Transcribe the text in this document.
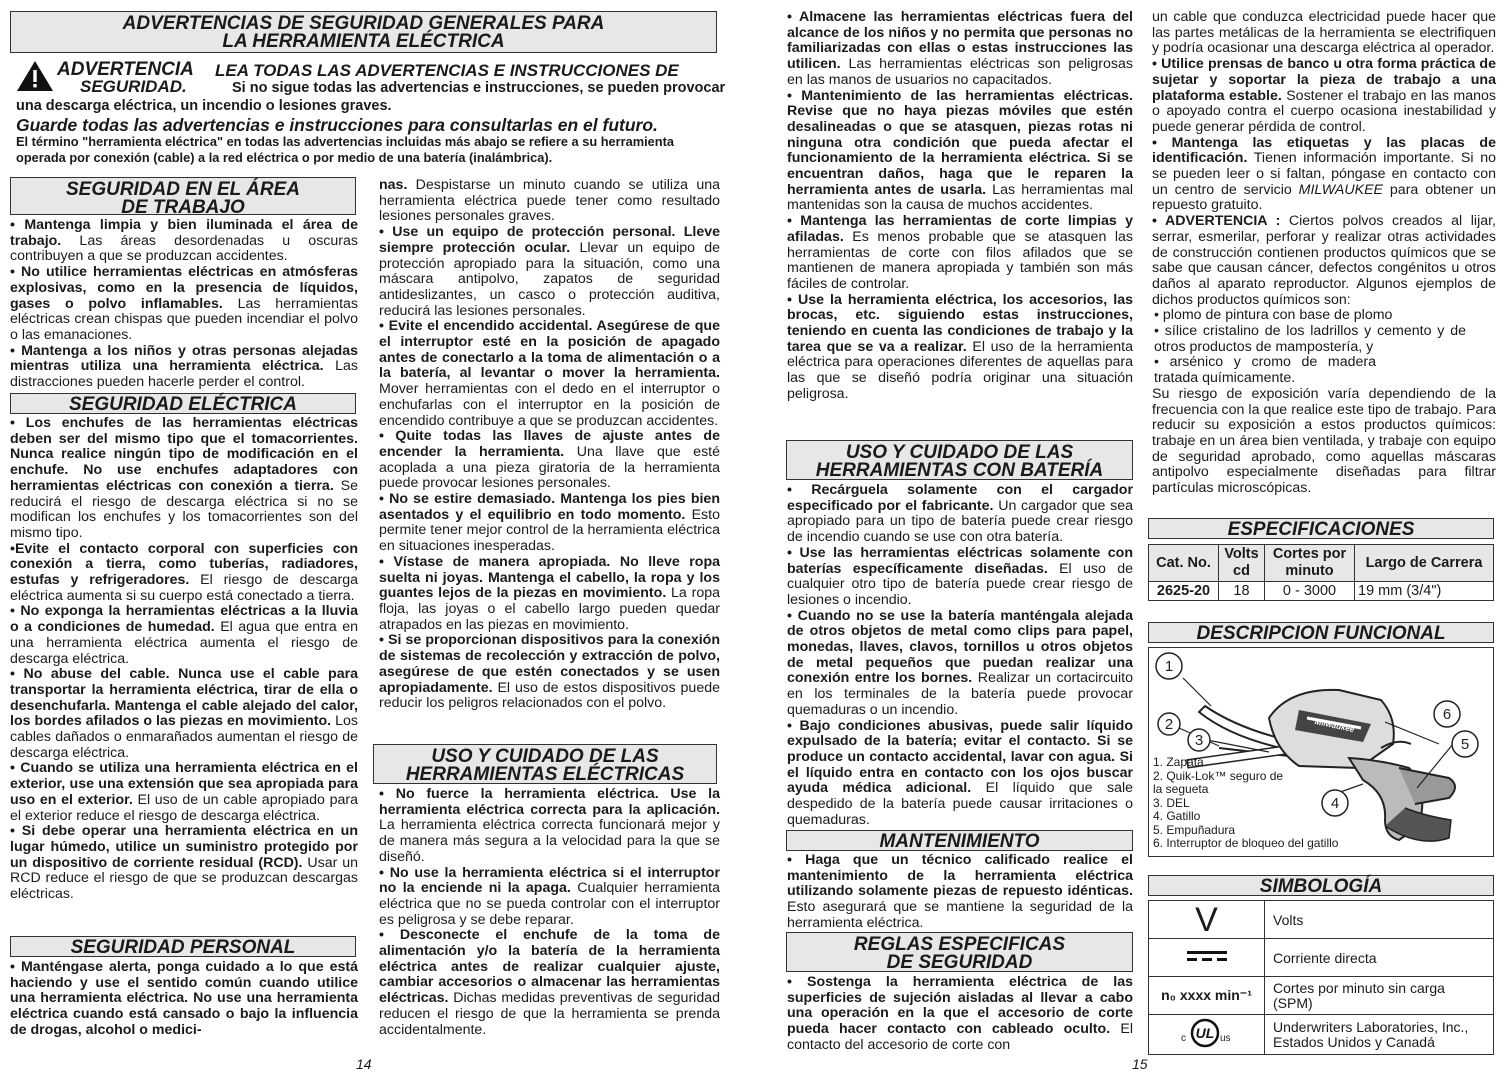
ADVERTENCIAS DE SEGURIDAD GENERALES PARA LA HERRAMIENTA ELÉCTRICA
ADVERTENCIA
SEGURIDAD.
LEA TODAS LAS ADVERTENCIAS E INSTRUCCIONES DE
Si no sigue todas las advertencias e instrucciones, se pueden provocar
una descarga eléctrica, un incendio o lesiones graves.
Guarde todas las advertencias e instrucciones para consultarlas en el futuro.
El término "herramienta eléctrica" en todas las advertencias incluidas más abajo se refiere a su herramienta operada por conexión (cable) a la red eléctrica o por medio de una batería (inalámbrica).
SEGURIDAD EN EL ÁREA DE TRABAJO

• Mantenga limpia y bien iluminada el área de trabajo. Las áreas desordenadas u oscuras contribuyen a que se produzcan accidentes.

• No utilice herramientas eléctricas en atmósferas explosivas, como en la presencia de líquidos, gases o polvo inflamables. Las herramientas eléctricas crean chispas que pueden incendiar el polvo o las emanaciones.

• Mantenga a los niños y otras personas alejadas mientras utiliza una herramienta eléctrica. Las distracciones pueden hacerle perder el control.

SEGURIDAD ELÉCTRICA

• Los enchufes de las herramientas eléctricas deben ser del mismo tipo que el tomacorrientes. Nunca realice ningún tipo de modificación en el enchufe. No use enchufes adaptadores con herramientas eléctricas con conexión a tierra. Se reducirá el riesgo de descarga eléctrica si no se modifican los enchufes y los tomacorrientes son del mismo tipo.

•Evite el contacto corporal con superficies con conexión a tierra, como tuberías, radiadores, estufas y refrigeradores. El riesgo de descarga eléctrica aumenta si su cuerpo está conectado a tierra.

• No exponga la herramientas eléctricas a la lluvia o a condiciones de humedad. El agua que entra en una herramienta eléctrica aumenta el riesgo de descarga eléctrica.

• No abuse del cable. Nunca use el cable para transportar la herramienta eléctrica, tirar de ella o desenchufarla. Mantenga el cable alejado del calor, los bordes afilados o las piezas en movimiento. Los cables dañados o enmarañados aumentan el riesgo de descarga eléctrica.

• Cuando se utiliza una herramienta eléctrica en el exterior, use una extensión que sea apropiada para uso en el exterior. El uso de un cable apropiado para el exterior reduce el riesgo de descarga eléctrica.

• Si debe operar una herramienta eléctrica en un lugar húmedo, utilice un suministro protegido por un dispositivo de corriente residual (RCD). Usar un RCD reduce el riesgo de que se produzcan descargas eléctricas.

SEGURIDAD PERSONAL

• Manténgase alerta, ponga cuidado a lo que está haciendo y use el sentido común cuando utilice una herramienta eléctrica. No use una herramienta eléctrica cuando está cansado o bajo la influencia de drogas, alcohol o medici-

nas. Despistarse un minuto cuando se utiliza una herramienta eléctrica puede tener como resultado lesiones personales graves.

• Use un equipo de protección personal. Lleve siempre protección ocular. Llevar un equipo de protección apropiado para la situación, como una máscara antipolvo, zapatos de seguridad antideslizantes, un casco o protección auditiva, reducirá las lesiones personales.

• Evite el encendido accidental. Asegúrese de que el interruptor esté en la posición de apagado antes de conectarlo a la toma de alimentación o a la batería, al levantar o mover la herramienta. Mover herramientas con el dedo en el interruptor o enchufarlas con el interruptor en la posición de encendido contribuye a que se produzcan accidentes.

• Quite todas las llaves de ajuste antes de encender la herramienta. Una llave que esté acoplada a una pieza giratoria de la herramienta puede provocar lesiones personales.

• No se estire demasiado. Mantenga los pies bien asentados y el equilibrio en todo momento. Esto permite tener mejor control de la herramienta eléctrica en situaciones inesperadas.

• Vístase de manera apropiada. No lleve ropa suelta ni joyas. Mantenga el cabello, la ropa y los guantes lejos de la piezas en movimiento. La ropa floja, las joyas o el cabello largo pueden quedar atrapados en las piezas en movimiento.

• Si se proporcionan dispositivos para la conexión de sistemas de recolección y extracción de polvo, asegúrese de que estén conectados y se usen apropiadamente. El uso de estos dispositivos puede reducir los peligros relacionados con el polvo.

USO Y CUIDADO DE LAS HERRAMIENTAS ELÉCTRICAS

• No fuerce la herramienta eléctrica. Use la herramienta eléctrica correcta para la aplicación. La herramienta eléctrica correcta funcionará mejor y de manera más segura a la velocidad para la que se diseñó.

• No use la herramienta eléctrica si el interruptor no la enciende ni la apaga. Cualquier herramienta eléctrica que no se pueda controlar con el interruptor es peligrosa y se debe reparar.

• Desconecte el enchufe de la toma de alimentación y/o la batería de la herramienta eléctrica antes de realizar cualquier ajuste, cambiar accesorios o almacenar las herramientas eléctricas. Dichas medidas preventivas de seguridad reducen el riesgo de que la herramienta se prenda accidentalmente.

14

• Almacene las herramientas eléctricas fuera del alcance de los niños y no permita que personas no familiarizadas con ellas o estas instrucciones las utilicen. Las herramientas eléctricas son peligrosas en las manos de usuarios no capacitados.

• Mantenimiento de las herramientas eléctricas. Revise que no haya piezas móviles que estén desalineadas o que se atasquen, piezas rotas ni ninguna otra condición que pueda afectar el funcionamiento de la herramienta eléctrica. Si se encuentran daños, haga que le reparen la herramienta antes de usarla. Las herramientas mal mantenidas son la causa de muchos accidentes.

• Mantenga las herramientas de corte limpias y afiladas. Es menos probable que se atasquen las herramientas de corte con filos afilados que se mantienen de manera apropiada y también son más fáciles de controlar.

• Use la herramienta eléctrica, los accesorios, las brocas, etc. siguiendo estas instrucciones, teniendo en cuenta las condiciones de trabajo y la tarea que se va a realizar. El uso de la herramienta eléctrica para operaciones diferentes de aquellas para las que se diseñó podría originar una situación peligrosa.

USO Y CUIDADO DE LAS HERRAMIENTAS CON BATERÍA

• Recárguela solamente con el cargador especificado por el fabricante. Un cargador que sea apropiado para un tipo de batería puede crear riesgo de incendio cuando se use con otra batería.

• Use las herramientas eléctricas solamente con baterías específicamente diseñadas. El uso de cualquier otro tipo de batería puede crear riesgo de lesiones o incendio.

• Cuando no se use la batería manténgala alejada de otros objetos de metal como clips para papel, monedas, llaves, clavos, tornillos u otros objetos de metal pequeños que puedan realizar una conexión entre los bornes. Realizar un cortacircuito en los terminales de la batería puede provocar quemaduras o un incendio.

• Bajo condiciones abusivas, puede salir líquido expulsado de la batería; evitar el contacto. Si se produce un contacto accidental, lavar con agua. Si el líquido entra en contacto con los ojos buscar ayuda médica adicional. El líquido que sale despedido de la batería puede causar irritaciones o quemaduras.

MANTENIMIENTO

• Haga que un técnico calificado realice el mantenimiento de la herramienta eléctrica utilizando solamente piezas de repuesto idénticas. Esto asegurará que se mantiene la seguridad de la herramienta eléctrica.

REGLAS ESPECIFICAS DE SEGURIDAD

• Sostenga la herramienta eléctrica de las superficies de sujeción aisladas al llevar a cabo una operación en la que el accesorio de corte pueda hacer contacto con cableado oculto. El contacto del accesorio de corte con

un cable que conduzca electricidad puede hacer que las partes metálicas de la herramienta se electrifiquen y podría ocasionar una descarga eléctrica al operador.

• Utilice prensas de banco u otra forma práctica de sujetar y soportar la pieza de trabajo a una plataforma estable. Sostener el trabajo en las manos o apoyado contra el cuerpo ocasiona inestabilidad y puede generar pérdida de control.

• Mantenga las etiquetas y las placas de identificación. Tienen información importante. Si no se pueden leer o si faltan, póngase en contacto con un centro de servicio MILWAUKEE para obtener un repuesto gratuito.

• ADVERTENCIA : Ciertos polvos creados al lijar, serrar, esmerilar, perforar y realizar otras actividades de construcción contienen productos químicos que se sabe que causan cáncer, defectos congénitos u otros daños al aparato reproductor. Algunos ejemplos de dichos productos químicos son:

• plomo de pintura con base de plomo

• sílice cristalino de los ladrillos y cemento y de otros productos de mampostería, y

• arsénico y cromo de madera tratada químicamente.

Su riesgo de exposición varía dependiendo de la frecuencia con la que realice este tipo de trabajo. Para reducir su exposición a estos productos químicos: trabaje en un área bien ventilada, y trabaje con equipo de seguridad aprobado, como aquellas máscaras antipolvo especialmente diseñadas para filtrar partículas microscópicas.

ESPECIFICACIONES
Cat. No.	Volts cd	Cortes por minuto	Largo de Carrera
2625-20	18	0 - 3000	19 mm (3/4")
DESCRIPCION FUNCIONAL
Milwaukee
1
2
3
4
5
6
1. Zapata
2. Quik-Lok™ seguro de la segueta
3. DEL
4. Gatillo
5. Empuñadura
6. Interruptor de bloqueo del gatillo
SIMBOLOGÍA
V	Volts
	Corriente directa
n₀ xxxx min⁻¹	Cortes por minuto sin carga (SPM)

c UL us	Underwriters Laboratories, Inc., Estados Unidos y Canadá
15
